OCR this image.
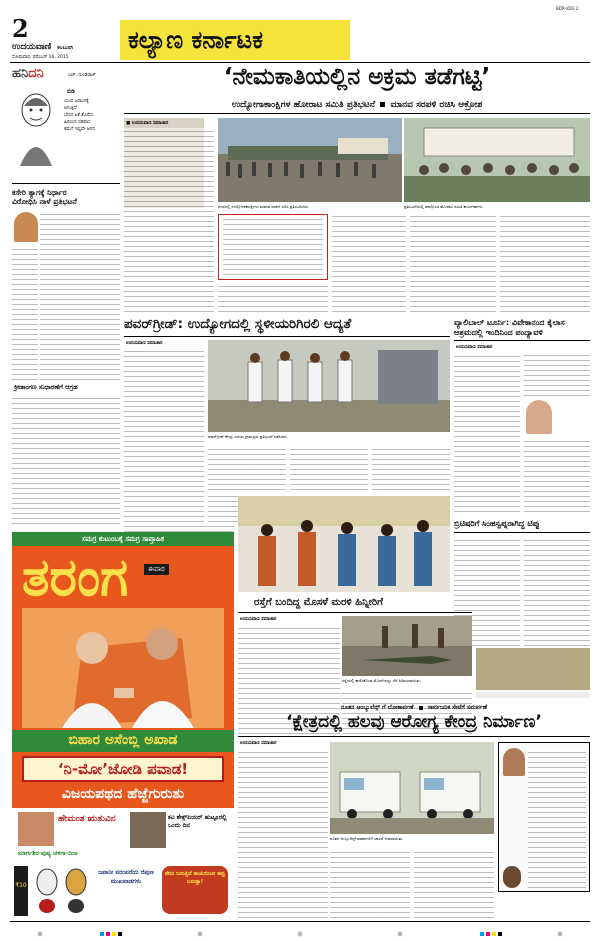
2
ಉದಯವಾಣಿ ಕಲಬುರಗಿ
ಸೋಮವಾರ, ನವೆಂಬರ್ 16, 2015
ಕಲ್ಯಾಣ ಕರ್ನಾಟಕ
BDR-VDG 2
ಹನಿದನಿ	ಎಚ್. ದುಂಡಿರಾಜ್
ಬಿಡಿ
ಯುವ ಜನಾಂಗಕ್ಕೆ
ಆಗುತ್ತಿದೆ
ಬೇಸರ ಏಕೆ ತೊರೆದು
ಹಿರಿಯರ ಸಹವಾಸ
ತಮಗೆ ಇಷ್ಟವೇ ಆಗದ
ಕಸೇರಿ ತ್ಯಾಗಕ್ಕೆ ನಿರ್ಧಾರ
ವಿರೋಧಿಸಿ ನಾಳೆ ಪ್ರತಿಭಟನೆ
ಕ್ರೀಡಾಂಗಣ ಸುಧಾರಣೆಗೆ ಆಗ್ರಹ
‘ನೇಮಕಾತಿಯಲ್ಲಿನ ಅಕ್ರಮ ತಡೆಗಟ್ಟಿ’
ಉದ್ಯೋಗಾಕಾಂಕ್ಷಿಗಳ ಹೋರಾಟ ಸಮಿತಿ ಪ್ರತಿಭಟನೆ ಮಾನವ ಸರಪಳಿ ರಚಿಸಿ ಆಕ್ರೋಶ
■ ಉದಯವಾಣಿ ಸಮಾಚಾರ
ನಗರದಲ್ಲಿ ಉದ್ಯೋಗಾಕಾಂಕ್ಷಿಗಳು ಮಾನವ ಸರಪಳಿ ರಚಿಸಿ ಪ್ರತಿಭಟಿಸಿದರು.	ಪ್ರತಿಭಟನೆಯಲ್ಲಿ ಪಾಲ್ಗೊಂಡ ಹೋರಾಟ ಸಮಿತಿ ಕಾರ್ಯಕರ್ತರು.
ಪವರ್‌ಗ್ರೀಡ್: ಉದ್ಯೋಗದಲ್ಲಿ ಸ್ಥಳೀಯರಿಗಿರಲಿ ಆದ್ಯತೆ
ಉದಯವಾಣಿ ಸಮಾಚಾರ
ಪವರ್‌ಗ್ರೀಡ್ ಕೇಂದ್ರ ಎದುರು ಗ್ರಾಮಸ್ಥರು ಪ್ರತಿಭಟನೆ ನಡೆಸಿದರು.
ವ್ಯಾಲಿಬಾಲ್ ಟೂರ್ನಿ: ವಿವೇಕಾನಂದ ಕೈಲಾಸ ಆಶ್ರಮದಲ್ಲಿ ಇಂದಿನಿಂದ ಪಂದ್ಯಾವಳಿ
ಉದಯವಾಣಿ ಸಮಾಚಾರ
ಬ್ರಿಟಿಷರಿಗೆ ಸಿಂಹಸ್ವಪ್ನರಾಗಿದ್ದ ಟಿಪ್ಪು
ಸಮಗ್ರ ಕುಟುಂಬಕ್ಕೆ ಸಮಗ್ರ ಸಾಪ್ತಾಹಿಕ
ತರಂಗ	ಈವಾರ
ಬಿಹಾರ ಅಸೆಂಬ್ಲಿ ಅಖಾಡ
‘ನಿ-ಮೋ’ಜೋಡಿ ಪವಾಡ!
ವಿಜಯಪಥದ ಹೆಜ್ಜೆಗುರುತು
ಹೇಮಂತ ಋತುವಿನ	ಕವಿ ಶೇಕ್ಸ್‌ಪಿಯರ್ ಹುಟ್ಟೂರಲ್ಲಿ ಒಂದು ದಿನ
ಮಾರ್ಗಶಿರ-ಪುಷ್ಯ ಚಳಿಗಾ-ದಿನಾ
₹10
ಜಪಾನೀ ಪರಂಪರೆಯ ಜಿಪುಣ ಮುಖವಾಡಗಳು
ತೇರು ಬರುತ್ತಿದೆ ಹಂಪಿಯಿಂದ ತಪ್ಪು ಬರುತ್ತಾ!
ರಸ್ತೆಗೆ ಬಂದಿದ್ದ ಮೊಸಳೆ ಮರಳಿ ಹಿನ್ನೀರಿಗೆ
ಉದಯವಾಣಿ ಸಮಾಚಾರ
ರಸ್ತೆಯಲ್ಲಿ ಕಾಣಿಸಿಕೊಂಡ ಮೊಸಳೆಯನ್ನು ಸೆರೆ ಹಿಡಿಯಲಾಯಿತು.
ನೂತನ ಆಂಬ್ಯುಲೆನ್ಸ್ ಗೆ ಲೋಕಾರ್ಪಣೆ ಸಾರ್ವಜನಿಕ ಸೇವೆಗೆ ಸಮರ್ಪಣೆ
‘ಕ್ಷೇತ್ರದಲ್ಲಿ ಹಲವು ಆರೋಗ್ಯ ಕೇಂದ್ರ ನಿರ್ಮಾಣ’
ಉದಯವಾಣಿ ಸಮಾಚಾರ
ನೂತನ ಆಂಬ್ಯುಲೆನ್ಸ್ ವಾಹನಗಳಿಗೆ ಚಾಲನೆ ನೀಡಲಾಯಿತು.
